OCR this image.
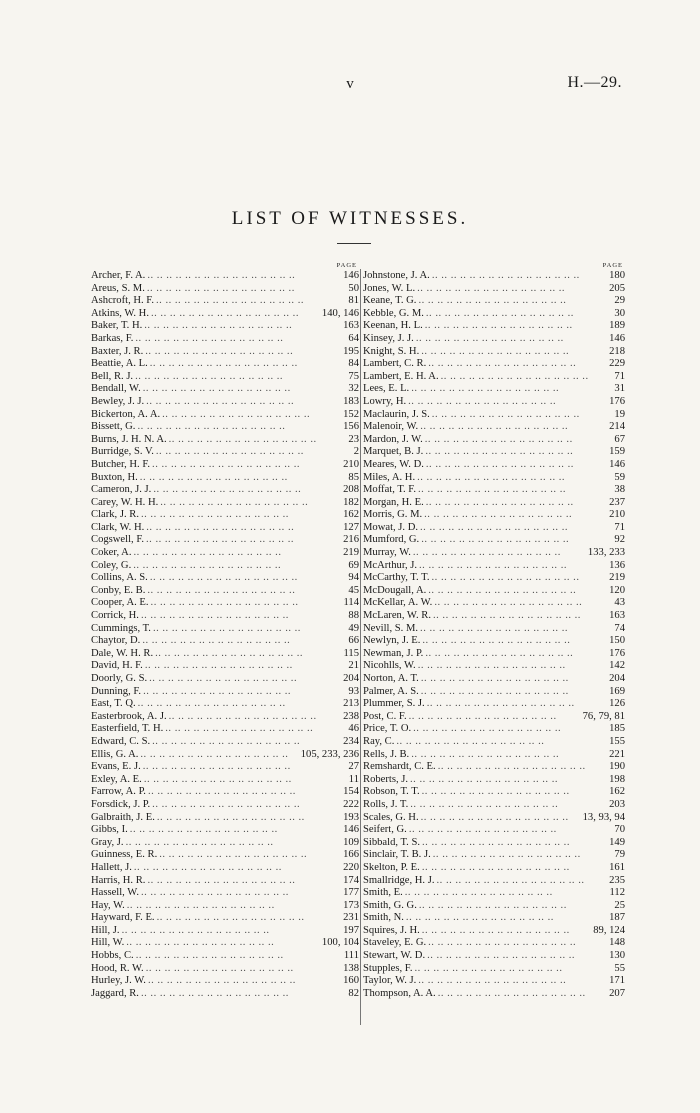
v	H.—29.
LIST OF WITNESSES.
PAGE
Archer, F. A. .. .. .. .. .. .. .. .. .. .. .. .. .. .. .. ..	146
Areus, S. M. .. .. .. .. .. .. .. .. .. .. .. .. .. .. .. ..	50
Ashcroft, H. F. .. .. .. .. .. .. .. .. .. .. .. .. .. .. .. ..	81
Atkins, W. H. .. .. .. .. .. .. .. .. .. .. .. .. .. .. .. ..	140, 146
Baker, T. H. .. .. .. .. .. .. .. .. .. .. .. .. .. .. .. ..	163
Barkas, F. .. .. .. .. .. .. .. .. .. .. .. .. .. .. .. ..	64
Baxter, J. R. .. .. .. .. .. .. .. .. .. .. .. .. .. .. .. ..	195
Beattie, A. L. .. .. .. .. .. .. .. .. .. .. .. .. .. .. .. ..	84
Bell, R. J. .. .. .. .. .. .. .. .. .. .. .. .. .. .. .. ..	75
Bendall, W. .. .. .. .. .. .. .. .. .. .. .. .. .. .. .. ..	32
Bewley, J. J. .. .. .. .. .. .. .. .. .. .. .. .. .. .. .. ..	183
Bickerton, A. A. .. .. .. .. .. .. .. .. .. .. .. .. .. .. .. ..	152
Bissett, G. .. .. .. .. .. .. .. .. .. .. .. .. .. .. .. ..	156
Burns, J. H. N. A. .. .. .. .. .. .. .. .. .. .. .. .. .. .. .. ..	23
Burridge, S. V. .. .. .. .. .. .. .. .. .. .. .. .. .. .. .. ..	2
Butcher, H. F. .. .. .. .. .. .. .. .. .. .. .. .. .. .. .. ..	210
Buxton, H. .. .. .. .. .. .. .. .. .. .. .. .. .. .. .. ..	85
Cameron, J. J. .. .. .. .. .. .. .. .. .. .. .. .. .. .. .. ..	208
Carey, W. H. H. .. .. .. .. .. .. .. .. .. .. .. .. .. .. .. ..	182
Clark, J. R. .. .. .. .. .. .. .. .. .. .. .. .. .. .. .. ..	162
Clark, W. H. .. .. .. .. .. .. .. .. .. .. .. .. .. .. .. ..	127
Cogswell, F. .. .. .. .. .. .. .. .. .. .. .. .. .. .. .. ..	216
Coker, A. .. .. .. .. .. .. .. .. .. .. .. .. .. .. .. ..	219
Coley, G. .. .. .. .. .. .. .. .. .. .. .. .. .. .. .. ..	69
Collins, A. S. .. .. .. .. .. .. .. .. .. .. .. .. .. .. .. ..	94
Conby, E. B. .. .. .. .. .. .. .. .. .. .. .. .. .. .. .. ..	45
Cooper, A. E. .. .. .. .. .. .. .. .. .. .. .. .. .. .. .. ..	114
Corrick, H. .. .. .. .. .. .. .. .. .. .. .. .. .. .. .. ..	88
Cummings, T. .. .. .. .. .. .. .. .. .. .. .. .. .. .. .. ..	49
Chaytor, D. .. .. .. .. .. .. .. .. .. .. .. .. .. .. .. ..	66
Dale, W. H. R. .. .. .. .. .. .. .. .. .. .. .. .. .. .. .. ..	115
David, H. F. .. .. .. .. .. .. .. .. .. .. .. .. .. .. .. ..	21
Doorly, G. S. .. .. .. .. .. .. .. .. .. .. .. .. .. .. .. ..	204
Dunning, F. .. .. .. .. .. .. .. .. .. .. .. .. .. .. .. ..	93
East, T. Q. .. .. .. .. .. .. .. .. .. .. .. .. .. .. .. ..	213
Easterbrook, A. J. .. .. .. .. .. .. .. .. .. .. .. .. .. .. .. ..	238
Easterfield, T. H. .. .. .. .. .. .. .. .. .. .. .. .. .. .. .. ..	46
Edward, C. S. .. .. .. .. .. .. .. .. .. .. .. .. .. .. .. ..	234
Ellis, G. A. .. .. .. .. .. .. .. .. .. .. .. .. .. .. .. ..	105, 233, 236
Evans, E. J. .. .. .. .. .. .. .. .. .. .. .. .. .. .. .. ..	27
Exley, A. E. .. .. .. .. .. .. .. .. .. .. .. .. .. .. .. ..	11
Farrow, A. P. .. .. .. .. .. .. .. .. .. .. .. .. .. .. .. ..	154
Forsdick, J. P. .. .. .. .. .. .. .. .. .. .. .. .. .. .. .. ..	222
Galbraith, J. E. .. .. .. .. .. .. .. .. .. .. .. .. .. .. .. ..	193
Gibbs, I. .. .. .. .. .. .. .. .. .. .. .. .. .. .. .. ..	146
Gray, J. .. .. .. .. .. .. .. .. .. .. .. .. .. .. .. ..	109
Guinness, E. R. .. .. .. .. .. .. .. .. .. .. .. .. .. .. .. ..	166
Hallett, J. .. .. .. .. .. .. .. .. .. .. .. .. .. .. .. ..	220
Harris, H. R. .. .. .. .. .. .. .. .. .. .. .. .. .. .. .. ..	174
Hassell, W. .. .. .. .. .. .. .. .. .. .. .. .. .. .. .. ..	177
Hay, W. .. .. .. .. .. .. .. .. .. .. .. .. .. .. .. ..	173
Hayward, F. E. .. .. .. .. .. .. .. .. .. .. .. .. .. .. .. ..	231
Hill, J. .. .. .. .. .. .. .. .. .. .. .. .. .. .. .. ..	197
Hill, W. .. .. .. .. .. .. .. .. .. .. .. .. .. .. .. ..	100, 104
Hobbs, C. .. .. .. .. .. .. .. .. .. .. .. .. .. .. .. ..	111
Hood, R. W. .. .. .. .. .. .. .. .. .. .. .. .. .. .. .. ..	138
Hurley, J. W. .. .. .. .. .. .. .. .. .. .. .. .. .. .. .. ..	160
Jaggard, R. .. .. .. .. .. .. .. .. .. .. .. .. .. .. .. ..	82
PAGE
Johnstone, J. A. .. .. .. .. .. .. .. .. .. .. .. .. .. .. .. ..	180
Jones, W. L. .. .. .. .. .. .. .. .. .. .. .. .. .. .. .. ..	205
Keane, T. G. .. .. .. .. .. .. .. .. .. .. .. .. .. .. .. ..	29
Kebble, G. M. .. .. .. .. .. .. .. .. .. .. .. .. .. .. .. ..	30
Keenan, H. L. .. .. .. .. .. .. .. .. .. .. .. .. .. .. .. ..	189
Kinsey, J. J. .. .. .. .. .. .. .. .. .. .. .. .. .. .. .. ..	146
Knight, S. H. .. .. .. .. .. .. .. .. .. .. .. .. .. .. .. ..	218
Lambert, C. R. .. .. .. .. .. .. .. .. .. .. .. .. .. .. .. ..	229
Lambert, E. H. A. .. .. .. .. .. .. .. .. .. .. .. .. .. .. .. ..	71
Lees, E. L. .. .. .. .. .. .. .. .. .. .. .. .. .. .. .. ..	31
Lowry, H. .. .. .. .. .. .. .. .. .. .. .. .. .. .. .. ..	176
Maclaurin, J. S. .. .. .. .. .. .. .. .. .. .. .. .. .. .. .. ..	19
Malenoir, W. .. .. .. .. .. .. .. .. .. .. .. .. .. .. .. ..	214
Mardon, J. W. .. .. .. .. .. .. .. .. .. .. .. .. .. .. .. ..	67
Marquet, B. J. .. .. .. .. .. .. .. .. .. .. .. .. .. .. .. ..	159
Meares, W. D. .. .. .. .. .. .. .. .. .. .. .. .. .. .. .. ..	146
Miles, A. H. .. .. .. .. .. .. .. .. .. .. .. .. .. .. .. ..	59
Moffat, T. F. .. .. .. .. .. .. .. .. .. .. .. .. .. .. .. ..	38
Morgan, H. E. .. .. .. .. .. .. .. .. .. .. .. .. .. .. .. ..	237
Morris, G. M. .. .. .. .. .. .. .. .. .. .. .. .. .. .. .. ..	210
Mowat, J. D. .. .. .. .. .. .. .. .. .. .. .. .. .. .. .. ..	71
Mumford, G. .. .. .. .. .. .. .. .. .. .. .. .. .. .. .. ..	92
Murray, W. .. .. .. .. .. .. .. .. .. .. .. .. .. .. .. ..	133, 233
McArthur, J. .. .. .. .. .. .. .. .. .. .. .. .. .. .. .. ..	136
McCarthy, T. T. .. .. .. .. .. .. .. .. .. .. .. .. .. .. .. ..	219
McDougall, A. .. .. .. .. .. .. .. .. .. .. .. .. .. .. .. ..	120
McKellar, A. W. .. .. .. .. .. .. .. .. .. .. .. .. .. .. .. ..	43
McLaren, W. R. .. .. .. .. .. .. .. .. .. .. .. .. .. .. .. ..	163
Nevill, S. M. .. .. .. .. .. .. .. .. .. .. .. .. .. .. .. ..	74
Newlyn, J. E. .. .. .. .. .. .. .. .. .. .. .. .. .. .. .. ..	150
Newman, J. P. .. .. .. .. .. .. .. .. .. .. .. .. .. .. .. ..	176
Nicohlls, W. .. .. .. .. .. .. .. .. .. .. .. .. .. .. .. ..	142
Norton, A. T. .. .. .. .. .. .. .. .. .. .. .. .. .. .. .. ..	204
Palmer, A. S. .. .. .. .. .. .. .. .. .. .. .. .. .. .. .. ..	169
Plummer, S. J. .. .. .. .. .. .. .. .. .. .. .. .. .. .. .. ..	126
Post, C. F. .. .. .. .. .. .. .. .. .. .. .. .. .. .. .. ..	76, 79, 81
Price, T. O. .. .. .. .. .. .. .. .. .. .. .. .. .. .. .. ..	185
Ray, C. .. .. .. .. .. .. .. .. .. .. .. .. .. .. .. ..	155
Rells, J. B. .. .. .. .. .. .. .. .. .. .. .. .. .. .. .. ..	221
Remshardt, C. E. .. .. .. .. .. .. .. .. .. .. .. .. .. .. .. ..	190
Roberts, J. .. .. .. .. .. .. .. .. .. .. .. .. .. .. .. ..	198
Robson, T. T. .. .. .. .. .. .. .. .. .. .. .. .. .. .. .. ..	162
Rolls, J. T. .. .. .. .. .. .. .. .. .. .. .. .. .. .. .. ..	203
Scales, G. H. .. .. .. .. .. .. .. .. .. .. .. .. .. .. .. ..	13, 93, 94
Seifert, G. .. .. .. .. .. .. .. .. .. .. .. .. .. .. .. ..	70
Sibbald, T. S. .. .. .. .. .. .. .. .. .. .. .. .. .. .. .. ..	149
Sinclair, T. B. J. .. .. .. .. .. .. .. .. .. .. .. .. .. .. .. ..	79
Skelton, P. E. .. .. .. .. .. .. .. .. .. .. .. .. .. .. .. ..	161
Smallridge, H. J. .. .. .. .. .. .. .. .. .. .. .. .. .. .. .. ..	235
Smith, E. .. .. .. .. .. .. .. .. .. .. .. .. .. .. .. ..	112
Smith, G. G. .. .. .. .. .. .. .. .. .. .. .. .. .. .. .. ..	25
Smith, N. .. .. .. .. .. .. .. .. .. .. .. .. .. .. .. ..	187
Squires, J. H. .. .. .. .. .. .. .. .. .. .. .. .. .. .. .. ..	89, 124
Staveley, E. G. .. .. .. .. .. .. .. .. .. .. .. .. .. .. .. ..	148
Stewart, W. D. .. .. .. .. .. .. .. .. .. .. .. .. .. .. .. ..	130
Stupples, F. .. .. .. .. .. .. .. .. .. .. .. .. .. .. .. ..	55
Taylor, W. J. .. .. .. .. .. .. .. .. .. .. .. .. .. .. .. ..	171
Thompson, A. A. .. .. .. .. .. .. .. .. .. .. .. .. .. .. .. ..	207
